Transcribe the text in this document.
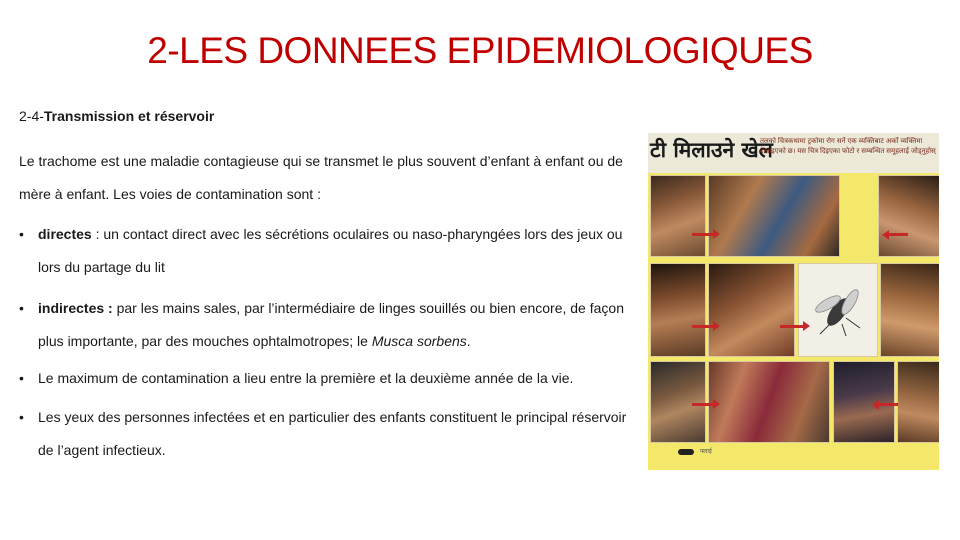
2-LES DONNEES EPIDEMIOLOGIQUES
2-4-Transmission et réservoir
Le trachome est une maladie contagieuse qui se transmet le plus souvent d’enfant à enfant ou de mère à enfant. Les voies de contamination sont :
• directes : un contact direct avec les sécrétions oculaires ou naso-pharyngées lors des jeux ou lors du partage du lit
• indirectes : par les mains sales, par l’intermédiaire de linges souillés ou bien encore, de façon plus importante, par des mouches ophtalmotropes; le Musca sorbens.
• Le maximum de contamination a lieu entre la première et la deuxième année de la vie.
• Les yeux des personnes infectées et en particulier des enfants constituent le principal réservoir de l’agent infectieux.
टी मिलाउने खेल
तलको चित्रकथामा ट्रकोमा रोग सर्ने एक व्यक्तिबाट अर्को व्यक्तिमा देखाइएको छ। यस चित्र दिइएका फोटो र सम्बन्धित समूहलाई जोड्नुहोस्
फ्लाई
